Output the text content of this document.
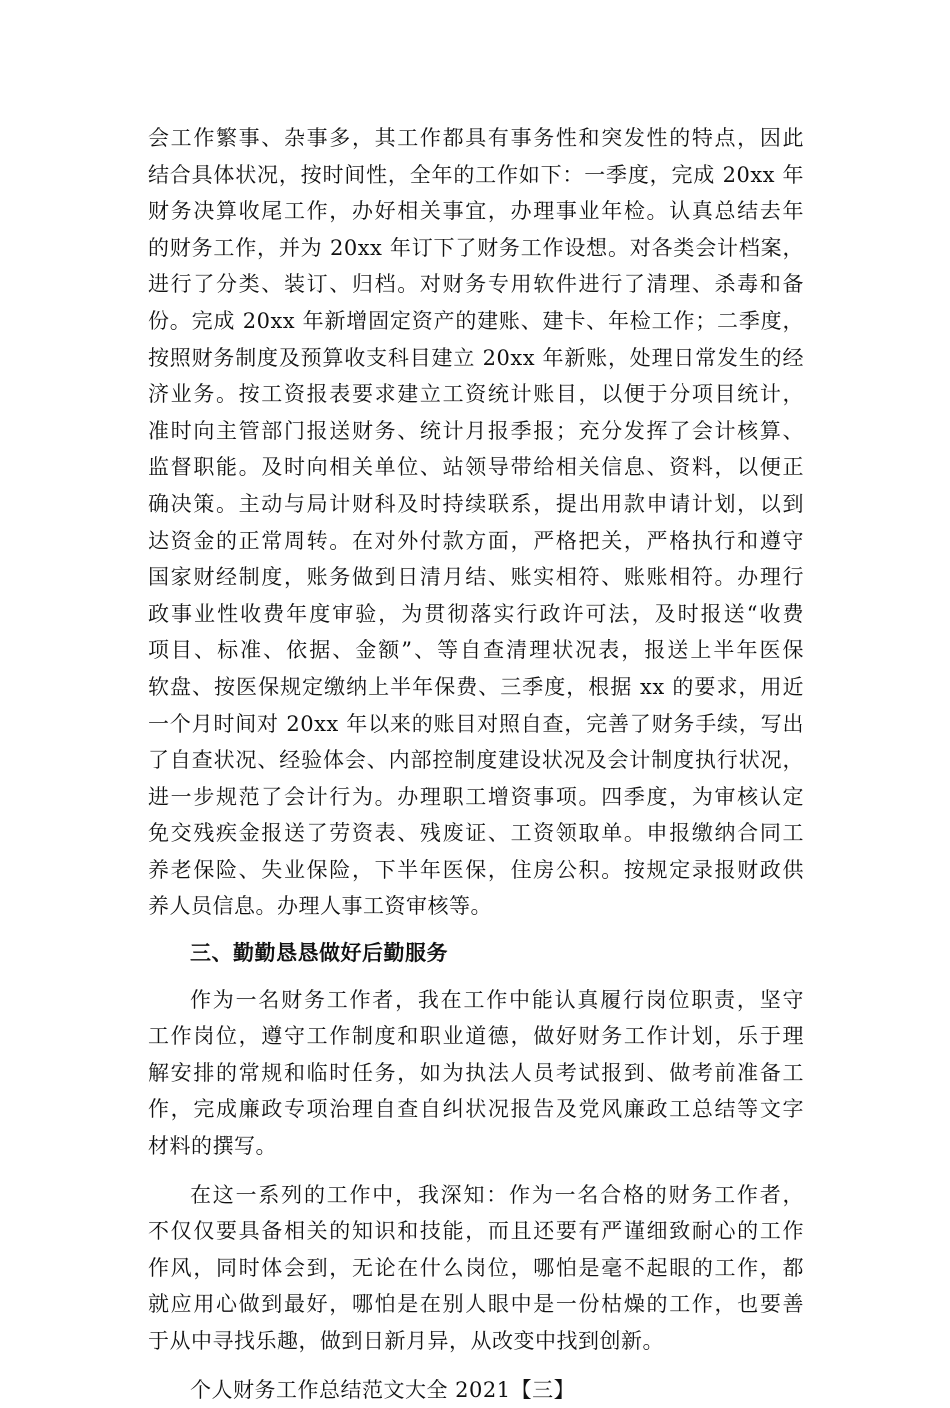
会工作繁事、杂事多，其工作都具有事务性和突发性的特点，因此
结合具体状况，按时间性，全年的工作如下：一季度，完成 20xx 年
财务决算收尾工作，办好相关事宜，办理事业年检。认真总结去年
的财务工作，并为 20xx 年订下了财务工作设想。对各类会计档案，
进行了分类、装订、归档。对财务专用软件进行了清理、杀毒和备
份。完成 20xx 年新增固定资产的建账、建卡、年检工作；二季度，
按照财务制度及预算收支科目建立 20xx 年新账，处理日常发生的经
济业务。按工资报表要求建立工资统计账目，以便于分项目统计，
准时向主管部门报送财务、统计月报季报；充分发挥了会计核算、
监督职能。及时向相关单位、站领导带给相关信息、资料，以便正
确决策。主动与局计财科及时持续联系，提出用款申请计划，以到
达资金的正常周转。在对外付款方面，严格把关，严格执行和遵守
国家财经制度，账务做到日清月结、账实相符、账账相符。办理行
政事业性收费年度审验，为贯彻落实行政许可法，及时报送“收费
项目、标准、依据、金额”、等自查清理状况表，报送上半年医保
软盘、按医保规定缴纳上半年保费、三季度，根据 xx 的要求，用近
一个月时间对 20xx 年以来的账目对照自查，完善了财务手续，写出
了自查状况、经验体会、内部控制度建设状况及会计制度执行状况，
进一步规范了会计行为。办理职工增资事项。四季度，为审核认定
免交残疾金报送了劳资表、残废证、工资领取单。申报缴纳合同工
养老保险、失业保险，下半年医保，住房公积。按规定录报财政供
养人员信息。办理人事工资审核等。
三、勤勤恳恳做好后勤服务
作为一名财务工作者，我在工作中能认真履行岗位职责，坚守
工作岗位，遵守工作制度和职业道德，做好财务工作计划，乐于理
解安排的常规和临时任务，如为执法人员考试报到、做考前准备工
作，完成廉政专项治理自查自纠状况报告及党风廉政工总结等文字
材料的撰写。
在这一系列的工作中，我深知：作为一名合格的财务工作者，
不仅仅要具备相关的知识和技能，而且还要有严谨细致耐心的工作
作风，同时体会到，无论在什么岗位，哪怕是毫不起眼的工作，都
就应用心做到最好，哪怕是在别人眼中是一份枯燥的工作，也要善
于从中寻找乐趣，做到日新月异，从改变中找到创新。
个人财务工作总结范文大全 2021【三】
